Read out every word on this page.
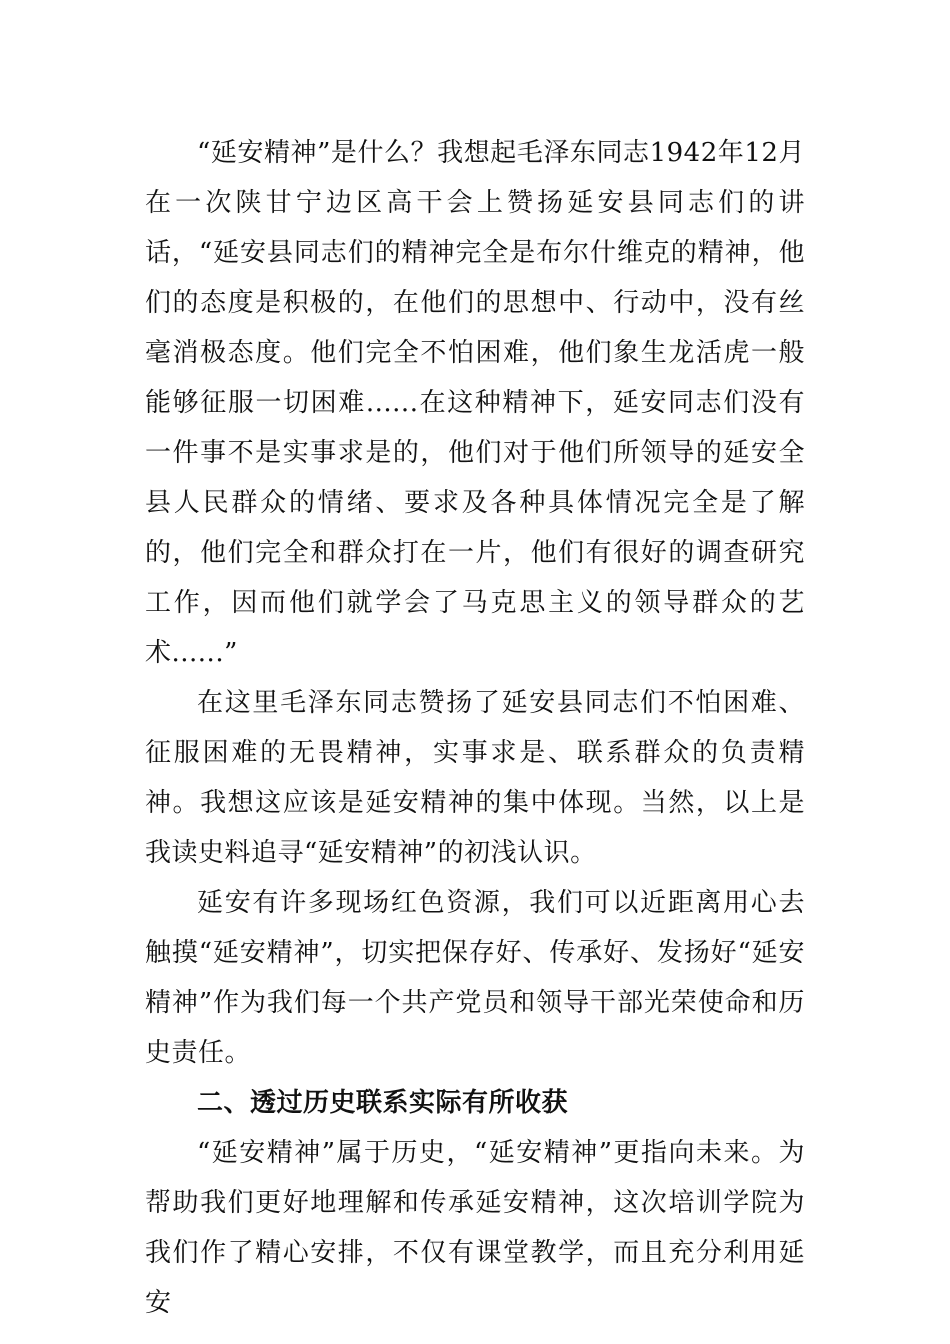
“延安精神”是什么？我想起毛泽东同志1942年12月在一次陕甘宁边区高干会上赞扬延安县同志们的讲话，“延安县同志们的精神完全是布尔什维克的精神，他们的态度是积极的，在他们的思想中、行动中，没有丝毫消极态度。他们完全不怕困难，他们象生龙活虎一般能够征服一切困难......在这种精神下，延安同志们没有一件事不是实事求是的，他们对于他们所领导的延安全县人民群众的情绪、要求及各种具体情况完全是了解的，他们完全和群众打在一片，他们有很好的调查研究工作，因而他们就学会了马克思主义的领导群众的艺术......”

在这里毛泽东同志赞扬了延安县同志们不怕困难、征服困难的无畏精神，实事求是、联系群众的负责精神。我想这应该是延安精神的集中体现。当然，以上是我读史料追寻“延安精神”的初浅认识。

延安有许多现场红色资源，我们可以近距离用心去触摸“延安精神”，切实把保存好、传承好、发扬好“延安精神”作为我们每一个共产党员和领导干部光荣使命和历史责任。

二、透过历史联系实际有所收获

“延安精神”属于历史，“延安精神”更指向未来。为帮助我们更好地理解和传承延安精神，这次培训学院为我们作了精心安排，不仅有课堂教学，而且充分利用延安
